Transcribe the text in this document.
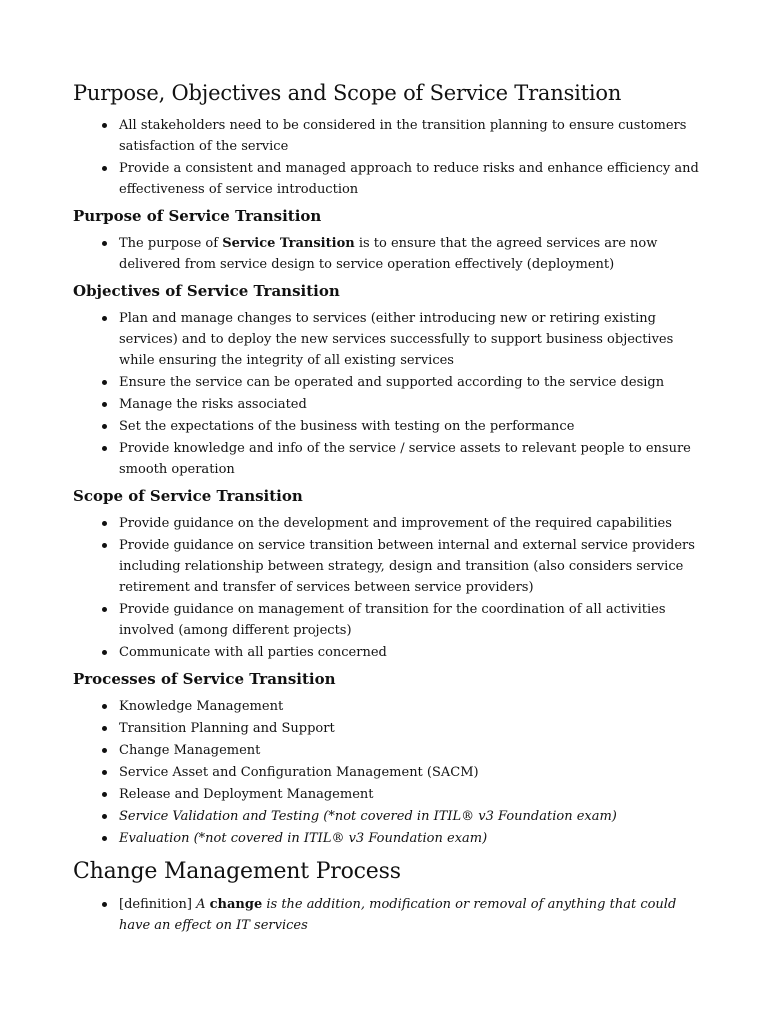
Purpose, Objectives and Scope of Service Transition
All stakeholders need to be considered in the transition planning to ensure customers satisfaction of the service
Provide a consistent and managed approach to reduce risks and enhance efficiency and effectiveness of service introduction
Purpose of Service Transition
The purpose of Service Transition is to ensure that the agreed services are now delivered from service design to service operation effectively (deployment)
Objectives of Service Transition
Plan and manage changes to services (either introducing new or retiring existing services) and to deploy the new services successfully to support business objectives while ensuring the integrity of all existing services
Ensure the service can be operated and supported according to the service design
Manage the risks associated
Set the expectations of the business with testing on the performance
Provide knowledge and info of the service / service assets to relevant people to ensure smooth operation
Scope of Service Transition
Provide guidance on the development and improvement of the required capabilities
Provide guidance on service transition between internal and external service providers including relationship between strategy, design and transition (also considers service retirement and transfer of services between service providers)
Provide guidance on management of transition for the coordination of all activities involved (among different projects)
Communicate with all parties concerned
Processes of Service Transition
Knowledge Management
Transition Planning and Support
Change Management
Service Asset and Configuration Management (SACM)
Release and Deployment Management
Service Validation and Testing (*not covered in ITIL® v3 Foundation exam)
Evaluation (*not covered in ITIL® v3 Foundation exam)
Change Management Process
[definition] A change is the addition, modification or removal of anything that could have an effect on IT services
